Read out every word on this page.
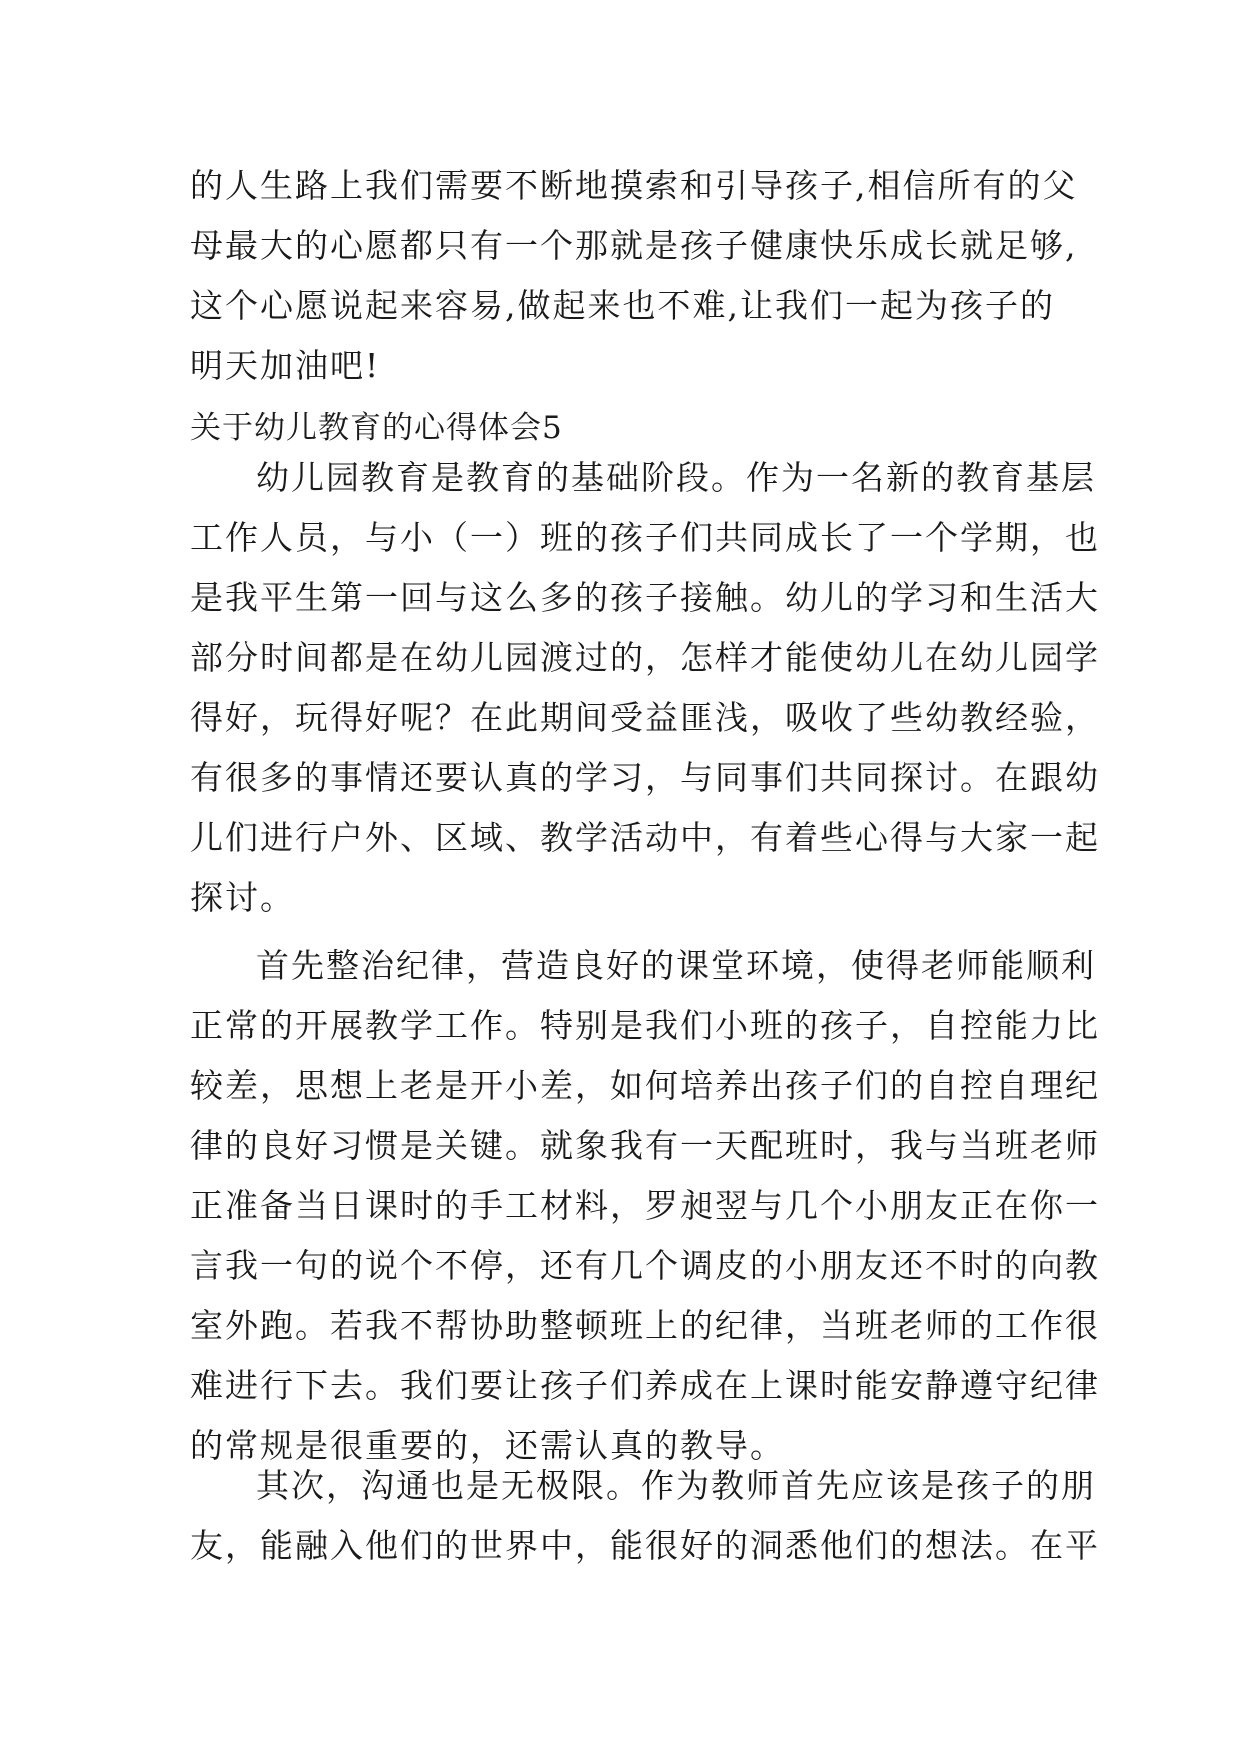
的人生路上我们需要不断地摸索和引导孩子,相信所有的父
母最大的心愿都只有一个那就是孩子健康快乐成长就足够,
这个心愿说起来容易,做起来也不难,让我们一起为孩子的
明天加油吧!
关于幼儿教育的心得体会5
幼儿园教育是教育的基础阶段。作为一名新的教育基层
工作人员，与小（一）班的孩子们共同成长了一个学期，也
是我平生第一回与这么多的孩子接触。幼儿的学习和生活大
部分时间都是在幼儿园渡过的，怎样才能使幼儿在幼儿园学
得好，玩得好呢？在此期间受益匪浅，吸收了些幼教经验，
有很多的事情还要认真的学习，与同事们共同探讨。在跟幼
儿们进行户外、区域、教学活动中，有着些心得与大家一起
探讨。
首先整治纪律，营造良好的课堂环境，使得老师能顺利
正常的开展教学工作。特别是我们小班的孩子，自控能力比
较差，思想上老是开小差，如何培养出孩子们的自控自理纪
律的良好习惯是关键。就象我有一天配班时，我与当班老师
正准备当日课时的手工材料，罗昶翌与几个小朋友正在你一
言我一句的说个不停，还有几个调皮的小朋友还不时的向教
室外跑。若我不帮协助整顿班上的纪律，当班老师的工作很
难进行下去。我们要让孩子们养成在上课时能安静遵守纪律
的常规是很重要的，还需认真的教导。
其次，沟通也是无极限。作为教师首先应该是孩子的朋
友，能融入他们的世界中，能很好的洞悉他们的想法。在平
